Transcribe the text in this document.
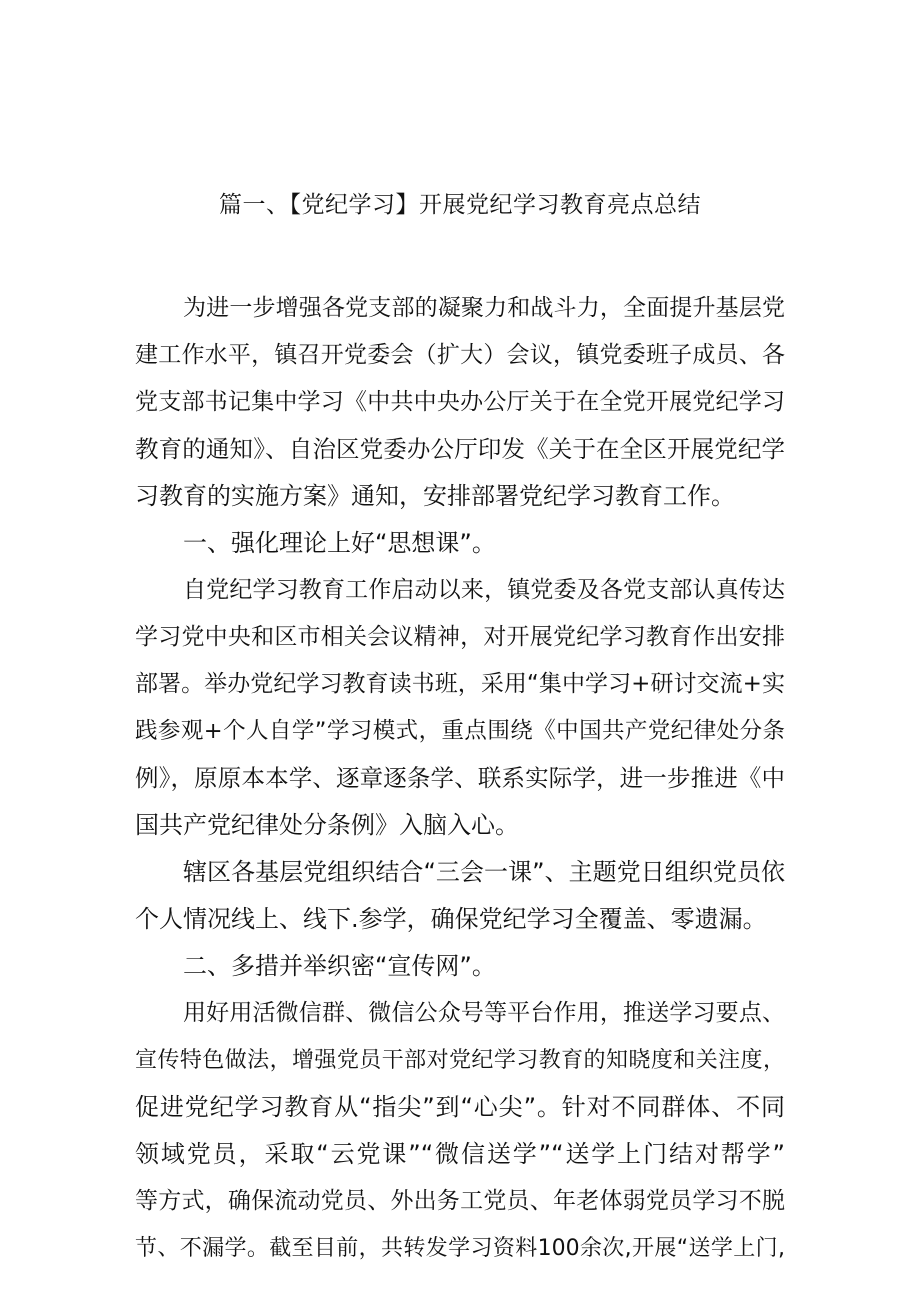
篇一、【党纪学习】开展党纪学习教育亮点总结
为进一步增强各党支部的凝聚力和战斗力，全面提升基层党
建工作水平，镇召开党委会（扩大）会议，镇党委班子成员、各
党支部书记集中学习《中共中央办公厅关于在全党开展党纪学习
教育的通知》、自治区党委办公厅印发《关于在全区开展党纪学
习教育的实施方案》通知，安排部署党纪学习教育工作。
一、强化理论上好“思想课”。
自党纪学习教育工作启动以来，镇党委及各党支部认真传达
学习党中央和区市相关会议精神，对开展党纪学习教育作出安排
部署。举办党纪学习教育读书班，采用“集中学习+研讨交流+实
践参观+个人自学”学习模式，重点围绕《中国共产党纪律处分条
例》，原原本本学、逐章逐条学、联系实际学，进一步推进《中
国共产党纪律处分条例》入脑入心。
辖区各基层党组织结合“三会一课”、主题党日组织党员依
个人情况线上、线下.参学，确保党纪学习全覆盖、零遗漏。
二、多措并举织密“宣传网”。
用好用活微信群、微信公众号等平台作用，推送学习要点、
宣传特色做法，增强党员干部对党纪学习教育的知晓度和关注度，
促进党纪学习教育从“指尖”到“心尖”。针对不同群体、不同
领域党员，采取“云党课”“微信送学”“送学上门结对帮学”
等方式，确保流动党员、外出务工党员、年老体弱党员学习不脱
节、不漏学。截至目前，共转发学习资料100余次,开展“送学上门,
